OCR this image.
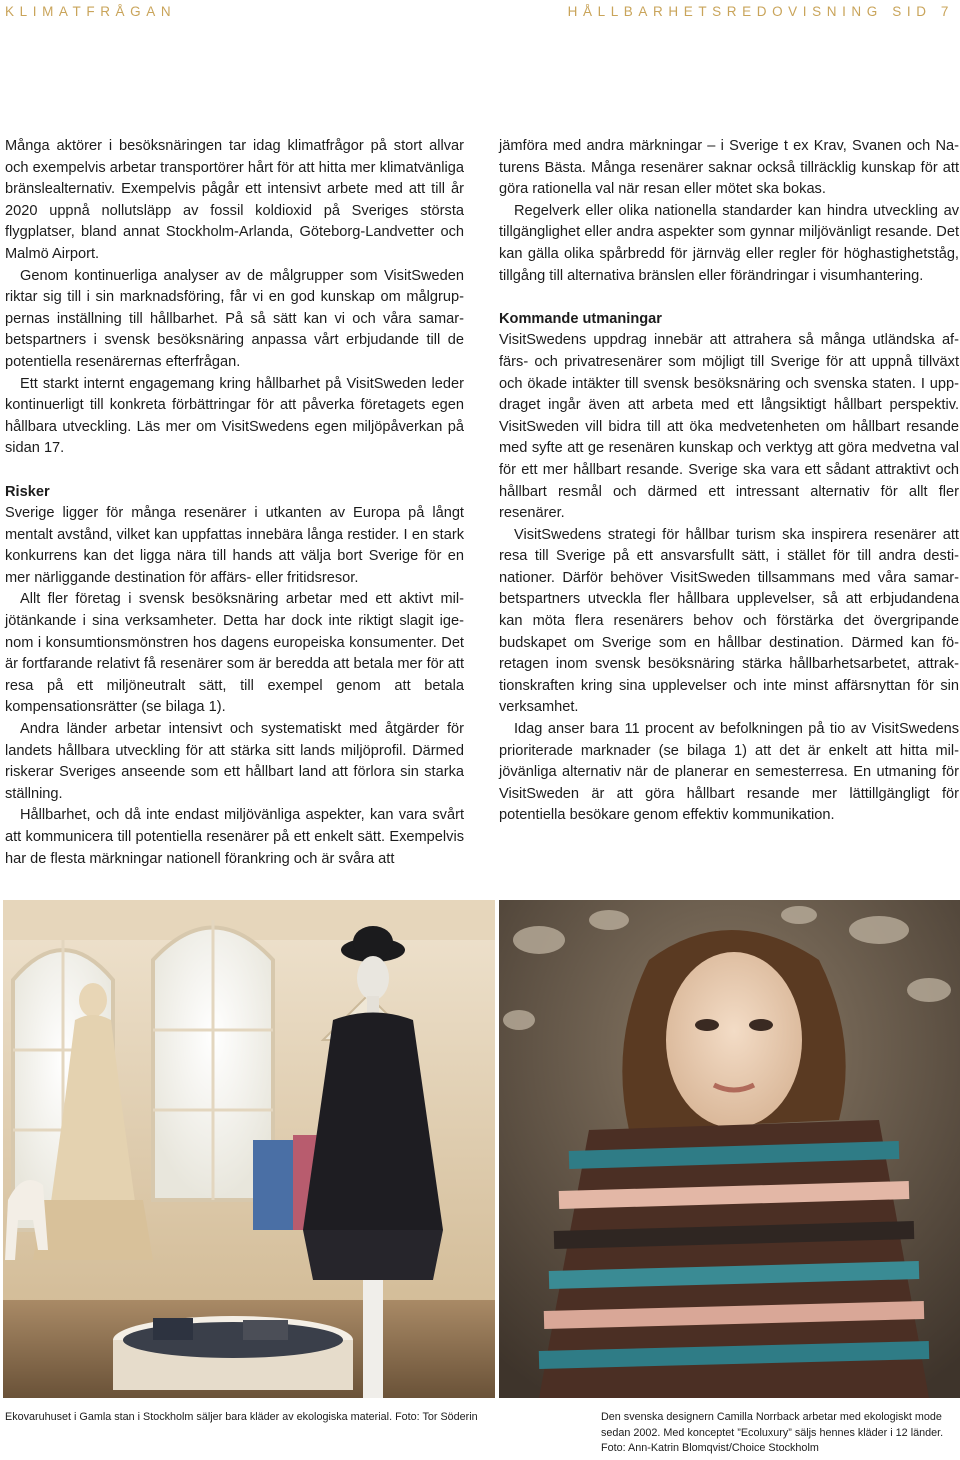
KLIMATFRÅGAN	HÅLLBARHETSREDOVISNING SID 7

Många aktörer i besöksnäringen tar idag klimatfrågor på stort allvar och exempelvis arbetar transportörer hårt för att hitta mer klimatvänliga bränslealternativ. Exempelvis pågår ett intensivt arbete med att till år 2020 uppnå nollutsläpp av fossil koldioxid på Sveriges största flygplatser, bland annat Stockholm-Arlanda, Göteborg-Landvetter och Malmö Airport.

Genom kontinuerliga analyser av de målgrupper som VisitSweden riktar sig till i sin marknadsföring, får vi en god kunskap om målgruppernas inställning till hållbarhet. På så sätt kan vi och våra samarbetspartners i svensk besöksnäring anpassa vårt erbjudande till de potentiella resenärernas efterfrågan.

Ett starkt internt engagemang kring hållbarhet på VisitSweden leder kontinuerligt till konkreta förbättringar för att påverka företagets egen hållbara utveckling. Läs mer om VisitSwedens egen miljöpåverkan på sidan 17.

Risker

Sverige ligger för många resenärer i utkanten av Europa på långt mentalt avstånd, vilket kan uppfattas innebära långa restider. I en stark konkurrens kan det ligga nära till hands att välja bort Sverige för en mer närliggande destination för affärs- eller fritidsresor.

Allt fler företag i svensk besöksnäring arbetar med ett aktivt miljötänkande i sina verksamheter. Detta har dock inte riktigt slagit igenom i konsumtionsmönstren hos dagens europeiska konsumenter. Det är fortfarande relativt få resenärer som är beredda att betala mer för att resa på ett miljöneutralt sätt, till exempel genom att betala kompensationsrätter (se bilaga 1).

Andra länder arbetar intensivt och systematiskt med åtgärder för landets hållbara utveckling för att stärka sitt lands miljöprofil. Därmed riskerar Sveriges anseende som ett hållbart land att förlora sin starka ställning.

Hållbarhet, och då inte endast miljövänliga aspekter, kan vara svårt att kommunicera till potentiella resenärer på ett enkelt sätt. Exempelvis har de flesta märkningar nationell förankring och är svåra att

jämföra med andra märkningar – i Sverige t ex Krav, Svanen och Naturens Bästa. Många resenärer saknar också tillräcklig kunskap för att göra rationella val när resan eller mötet ska bokas.

Regelverk eller olika nationella standarder kan hindra utveckling av tillgänglighet eller andra aspekter som gynnar miljövänligt resande. Det kan gälla olika spårbredd för järnväg eller regler för höghastighetståg, tillgång till alternativa bränslen eller förändringar i visumhantering.

Kommande utmaningar

VisitSwedens uppdrag innebär att attrahera så många utländska affärs- och privatresenärer som möjligt till Sverige för att uppnå tillväxt och ökade intäkter till svensk besöksnäring och svenska staten. I uppdraget ingår även att arbeta med ett långsiktigt hållbart perspektiv. VisitSweden vill bidra till att öka medvetenheten om hållbart resande med syfte att ge resenären kunskap och verktyg att göra medvetna val för ett mer hållbart resande. Sverige ska vara ett sådant attraktivt och hållbart resmål och därmed ett intressant alternativ för allt fler resenärer.

VisitSwedens strategi för hållbar turism ska inspirera resenärer att resa till Sverige på ett ansvarsfullt sätt, i stället för till andra destinationer. Därför behöver VisitSweden tillsammans med våra samarbetspartners utveckla fler hållbara upplevelser, så att erbjudandena kan möta flera resenärers behov och förstärka det övergripande budskapet om Sverige som en hållbar destination. Därmed kan företagen inom svensk besöksnäring stärka hållbarhetsarbetet, attraktionskraften kring sina upplevelser och inte minst affärsnyttan för sin verksamhet.

Idag anser bara 11 procent av befolkningen på tio av VisitSwedens prioriterade marknader (se bilaga 1) att det är enkelt att hitta miljövänliga alternativ när de planerar en semesterresa. En utmaning för VisitSweden är att göra hållbart resande mer lättillgängligt för potentiella besökare genom effektiv kommunikation.

Ekovaruhuset i Gamla stan i Stockholm säljer bara kläder av ekologiska material. Foto: Tor Söderin	Den svenska designern Camilla Norrback arbetar med ekologiskt mode sedan 2002. Med konceptet ”Ecoluxury” säljs hennes kläder i 12 länder. Foto: Ann-Katrin Blomqvist/Choice Stockholm
